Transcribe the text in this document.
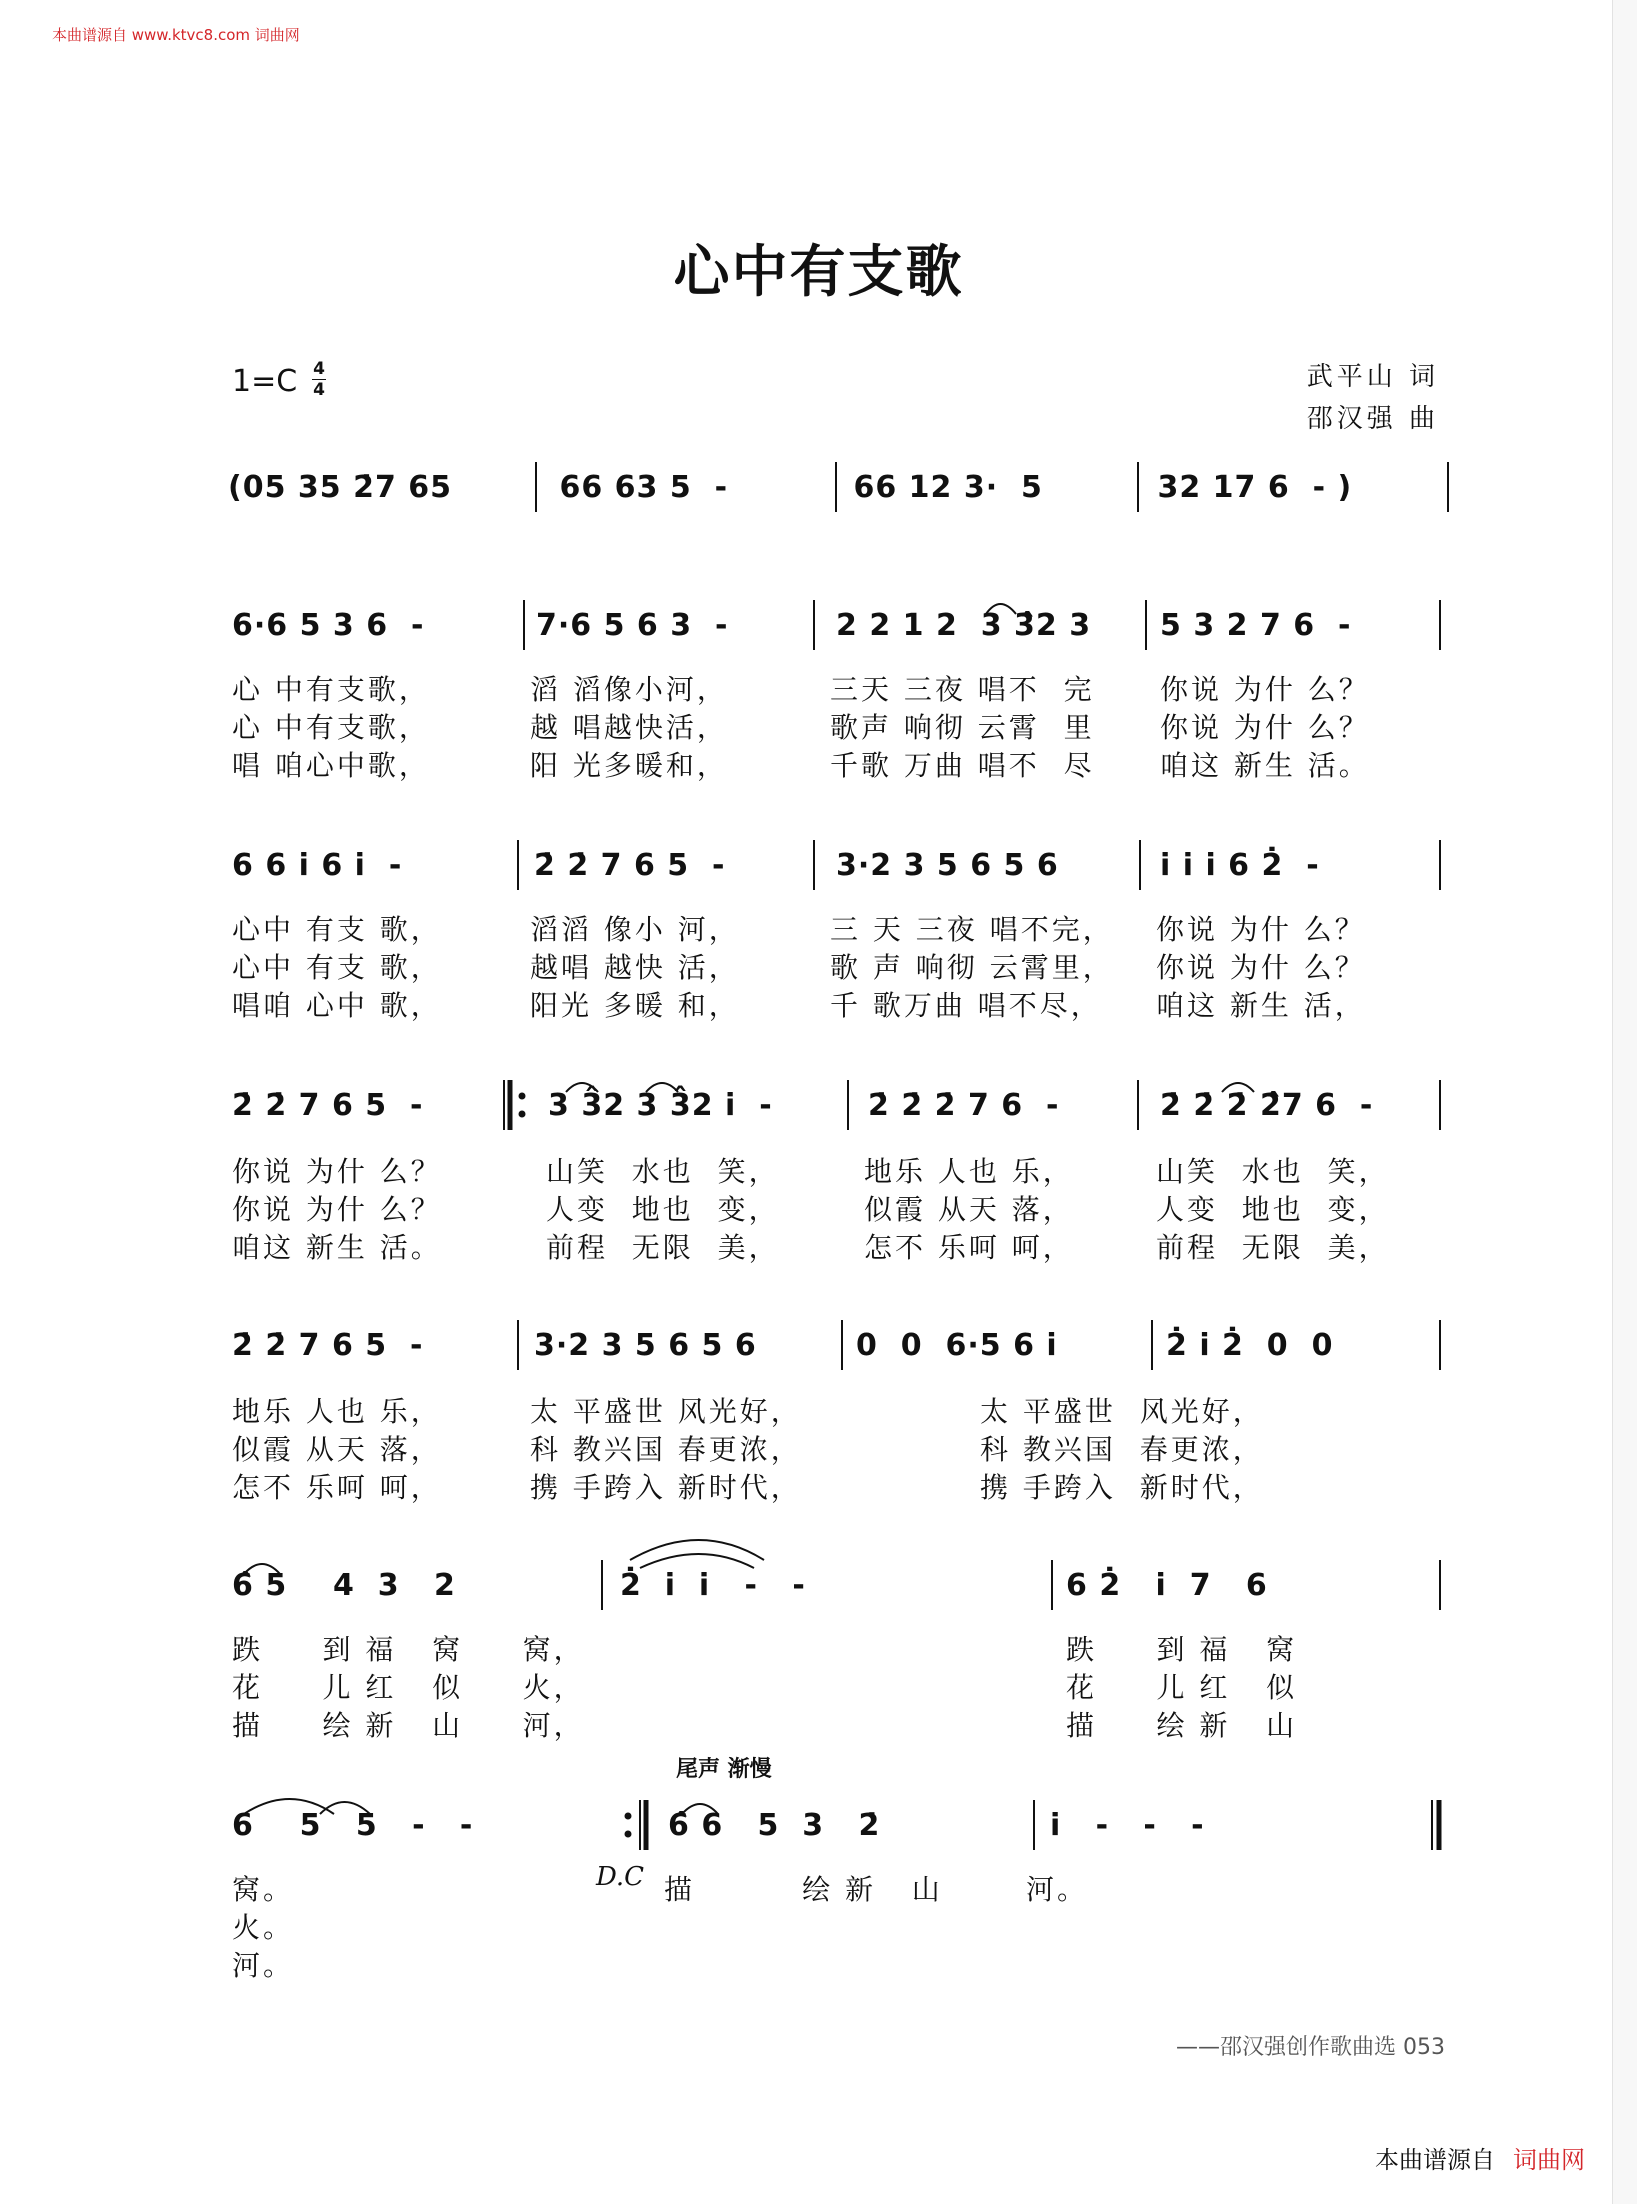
本曲谱源自 www.ktvc8.com 词曲网
心中有支歌
1=C 4
4	武平山 词
邵汉强 曲
(05 35 2̇7 65	66 63 5  -	66 12 3·  5	32 17 6  - )
6·6 5 3 6  -	7·6 5 6 3  -	2 2 1 2  3 3̂2 3 5 3 2 7 6  -
心 中有支歌，	滔 滔像小河，	三天 三夜 唱不  完 你说 为什 么？
心 中有支歌，	越 唱越快活，	歌声 响彻 云霄  里 你说 为什 么？
唱 咱心中歌，	阳 光多暖和，	千歌 万曲 唱不  尽 咱这 新生 活。
6 6 i 6 i  -	2̇ 2̇ 7 6 5  -	3·2 3 5 6 5 6	i i i 6 2̇  -
心中 有支 歌，	滔滔 像小 河，	三 天 三夜 唱不完， 你说 为什 么？
心中 有支 歌，	越唱 越快 活，	歌 声 响彻 云霄里， 你说 为什 么？
唱咱 心中 歌，	阳光 多暖 和，	千 歌万曲 唱不尽， 咱这 新生 活，
2̇ 2̇ 7 6 5  -	3 3̂2 3 3̂2 i  -	2̇ 2̇ 2̇ 7 6  -	2̇ 2̇ 2̇ 2̂7 6  -
你说 为什 么？	山笑  水也  笑，	地乐 人也 乐，	山笑  水也  笑，
你说 为什 么？	人变  地也  变，	似霞 从天 落，	人变  地也  变，
咱这 新生 活。	前程  无限  美，	怎不 乐呵 呵，	前程  无限  美，
2̇ 2̇ 7 6 5  -	3·2 3 5 6 5 6	0  0  6·5 6 i	2̇ i 2̇  0  0
地乐 人也 乐，	太 平盛世 风光好，	太 平盛世  风光好，
似霞 从天 落，	科 教兴国 春更浓，	科 教兴国  春更浓，
怎不 乐呵 呵，	携 手跨入 新时代，	携 手跨入  新时代，
6̂ 5    4  3   2	2̇  i  i   -   -	6 2̇   i  7   6
跌     到 福   窝     窝，	跌     到 福   窝
花     儿 红   似     火，	花     儿 红   似
描     绘 新   山     河，	描     绘 新   山
尾声 渐慢
6    5   5   -   -	6̂ 6   5  3   2̇	i   -   -   -
D.C
窝。	描         绘 新   山       河。
火。
河。
——邵汉强创作歌曲选 053
本曲谱源自 词曲网
